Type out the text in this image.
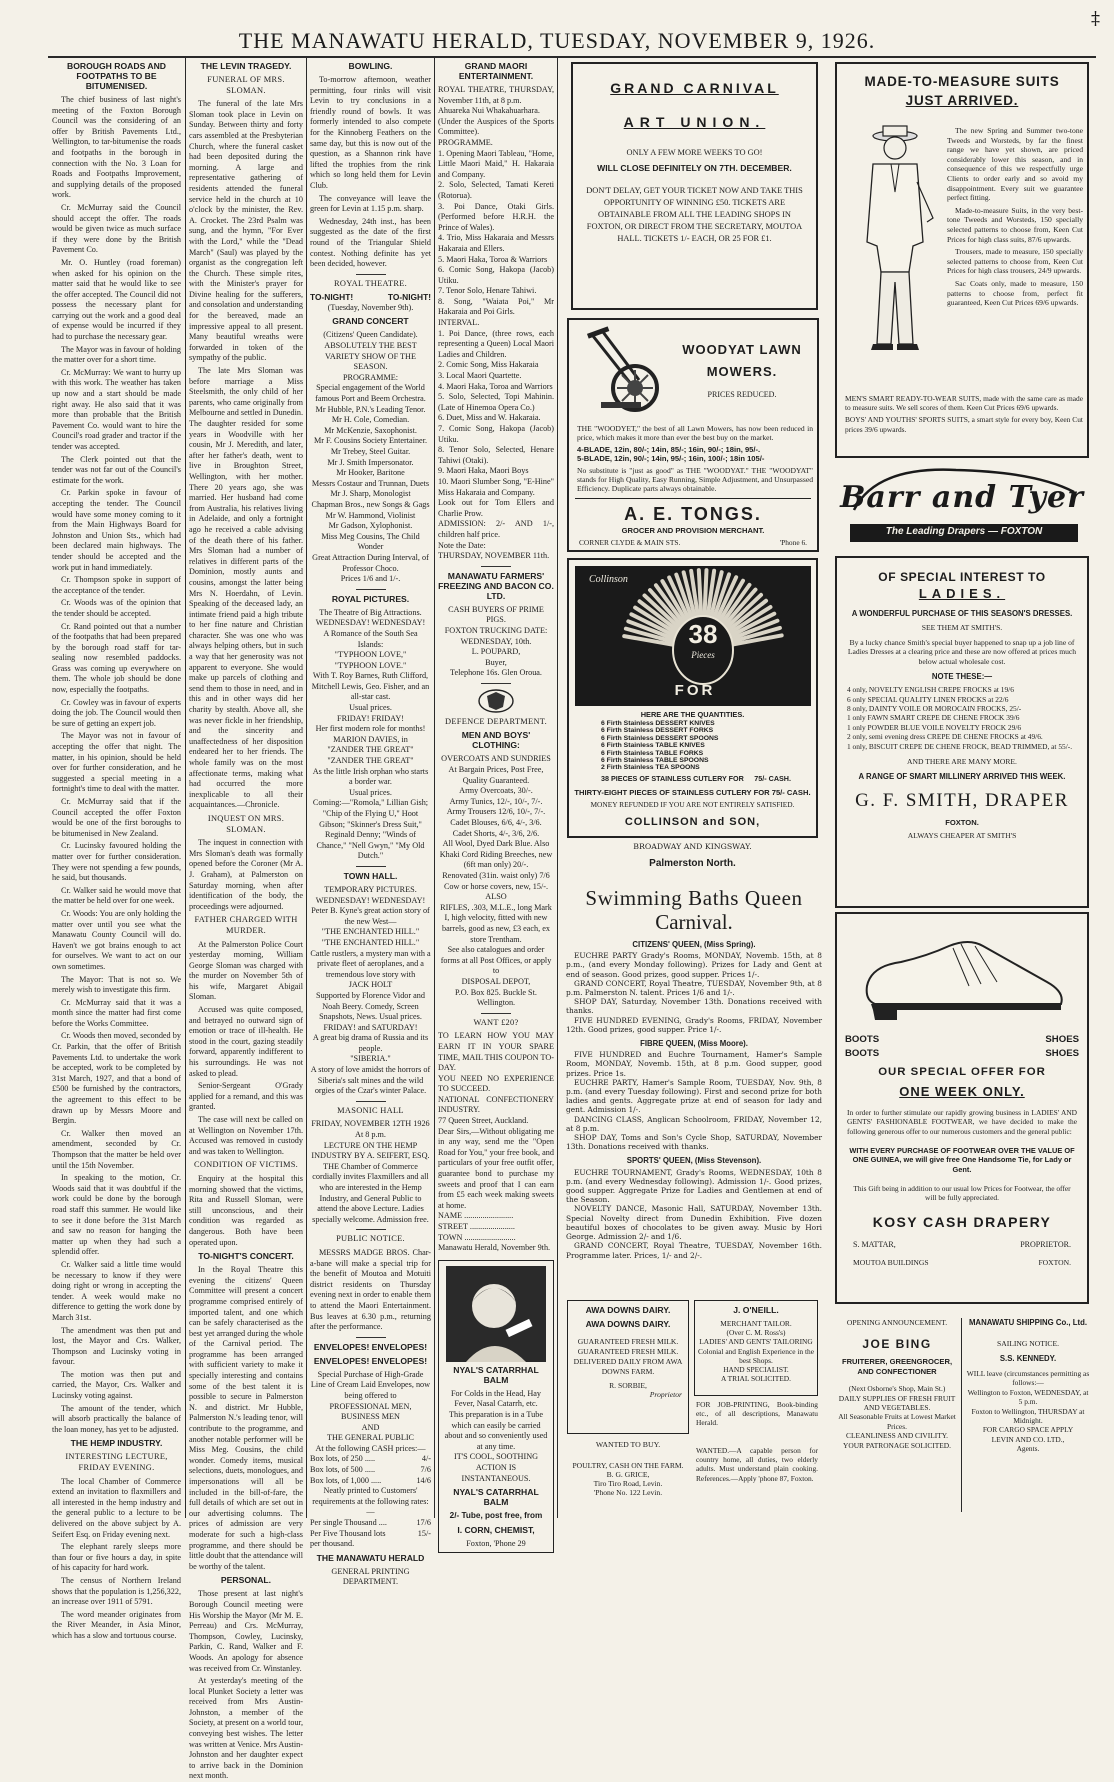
‡
THE MANAWATU HERALD, TUESDAY, NOVEMBER 9, 1926.
BOROUGH ROADS AND FOOTPATHS TO BE BITUMENISED.

The chief business of last night's meeting of the Foxton Borough Council was the considering of an offer by British Pavements Ltd., Wellington, to tar-bitumenise the roads and footpaths in the borough in connection with the No. 3 Loan for Roads and Footpaths Improvement, and supplying details of the proposed work.

Cr. McMurray said the Council should accept the offer. The roads would be given twice as much surface if they were done by the British Pavement Co.

Mr. O. Huntley (road foreman) when asked for his opinion on the matter said that he would like to see the offer accepted. The Council did not possess the necessary plant for carrying out the work and a good deal of expense would be incurred if they had to purchase the necessary gear.

The Mayor was in favour of holding the matter over for a short time.

Cr. McMurray: We want to hurry up with this work. The weather has taken up now and a start should be made right away. He also said that it was more than probable that the British Pavement Co. would want to hire the Council's road grader and tractor if the tender was accepted.

The Clerk pointed out that the tender was not far out of the Council's estimate for the work.

Cr. Parkin spoke in favour of accepting the tender. The Council would have some money coming to it from the Main Highways Board for Johnston and Union Sts., which had been declared main highways. The tender should be accepted and the work put in hand immediately.

Cr. Thompson spoke in support of the acceptance of the tender.

Cr. Woods was of the opinion that the tender should be accepted.

Cr. Rand pointed out that a number of the footpaths that had been prepared by the borough road staff for tar-sealing now resembled paddocks. Grass was coming up everywhere on them. The whole job should be done now, especially the footpaths.

Cr. Cowley was in favour of experts doing the job. The Council would then be sure of getting an expert job.

The Mayor was not in favour of accepting the offer that night. The matter, in his opinion, should be held over for further consideration, and he suggested a special meeting in a fortnight's time to deal with the matter.

Cr. McMurray said that if the Council accepted the offer Foxton would be one of the first boroughs to be bitumenised in New Zealand.

Cr. Lucinsky favoured holding the matter over for further consideration. They were not spending a few pounds, he said, but thousands.

Cr. Walker said he would move that the matter be held over for one week.

Cr. Woods: You are only holding the matter over until you see what the Manawatu County Council will do. Haven't we got brains enough to act for ourselves. We want to act on our own sometimes.

The Mayor: That is not so. We merely wish to investigate this firm.

Cr. McMurray said that it was a month since the matter had first come before the Works Committee.

Cr. Woods then moved, seconded by Cr. Parkin, that the offer of British Pavements Ltd. to undertake the work be accepted, work to be completed by 31st March, 1927, and that a bond of £500 be furnished by the contractors, the agreement to this effect to be drawn up by Messrs Moore and Bergin.

Cr. Walker then moved an amendment, seconded by Cr. Thompson that the matter be held over until the 15th November.

In speaking to the motion, Cr. Woods said that it was doubtful if the work could be done by the borough road staff this summer. He would like to see it done before the 31st March and saw no reason for hanging the matter up when they had such a splendid offer.

Cr. Walker said a little time would be necessary to know if they were doing right or wrong in accepting the tender. A week would make no difference to getting the work done by March 31st.

The amendment was then put and lost, the Mayor and Crs. Walker, Thompson and Lucinsky voting in favour.

The motion was then put and carried, the Mayor, Crs. Walker and Lucinsky voting against.

The amount of the tender, which will absorb practically the balance of the loan money, has yet to be adjusted.

THE HEMP INDUSTRY.
INTERESTING LECTURE, FRIDAY EVENING.

The local Chamber of Commerce extend an invitation to flaxmillers and all interested in the hemp industry and the general public to a lecture to be delivered on the above subject by A. Seifert Esq. on Friday evening next.

The elephant rarely sleeps more than four or five hours a day, in spite of his capacity for hard work.

The census of Northern Ireland shows that the population is 1,256,322, an increase over 1911 of 5791.

The word meander originates from the River Meander, in Asia Minor, which has a slow and tortuous course.

THE LEVIN TRAGEDY.
FUNERAL OF MRS. SLOMAN.

The funeral of the late Mrs Sloman took place in Levin on Sunday. Between thirty and forty cars assembled at the Presbyterian Church, where the funeral casket had been deposited during the morning. A large and representative gathering of residents attended the funeral service held in the church at 10 o'clock by the minister, the Rev. A. Crocket. The 23rd Psalm was sung, and the hymn, "For Ever with the Lord," while the "Dead March" (Saul) was played by the organist as the congregation left the Church. These simple rites, with the Minister's prayer for Divine healing for the sufferers, and consolation and understanding for the bereaved, made an impressive appeal to all present. Many beautiful wreaths were forwarded in token of the sympathy of the public.

The late Mrs Sloman was before marriage a Miss Steelsmith, the only child of her parents, who came originally from Melbourne and settled in Dunedin. The daughter resided for some years in Woodville with her cousin, Mr J. Meredith, and later, after her father's death, went to live in Broughton Street, Wellington, with her mother. There 20 years ago, she was married. Her husband had come from Australia, his relatives living in Adelaide, and only a fortnight ago he received a cable advising of the death there of his father. Mrs Sloman had a number of relatives in different parts of the Dominion, mostly aunts and cousins, amongst the latter being Mrs N. Hoerdahn, of Levin. Speaking of the deceased lady, an intimate friend paid a high tribute to her fine nature and Christian character. She was one who was always helping others, but in such a way that her generosity was not apparent to everyone. She would make up parcels of clothing and send them to those in need, and in this and in other ways did her charity by stealth. Above all, she was never fickle in her friendship, and the sincerity and unaffectedness of her disposition endeared her to her friends. The whole family was on the most affectionate terms, making what had occurred the more inexplicable to all their acquaintances.—Chronicle.

INQUEST ON MRS. SLOMAN.

The inquest in connection with Mrs Sloman's death was formally opened before the Coroner (Mr A. J. Graham), at Palmerston on Saturday morning, when after identification of the body, the proceedings were adjourned.

FATHER CHARGED WITH MURDER.

At the Palmerston Police Court yesterday morning, William George Sloman was charged with the murder on November 5th of his wife, Margaret Abigail Sloman.

Accused was quite composed, and betrayed no outward sign of emotion or trace of ill-health. He stood in the court, gazing steadily forward, apparently indifferent to his surroundings. He was not asked to plead.

Senior-Sergeant O'Grady applied for a remand, and this was granted.

The case will next be called on at Wellington on November 17th. Accused was removed in custody and was taken to Wellington.

CONDITION OF VICTIMS.

Enquiry at the hospital this morning showed that the victims, Rita and Russell Sloman, were still unconscious, and their condition was regarded as dangerous. Both have been operated upon.

TO-NIGHT'S CONCERT.

In the Royal Theatre this evening the citizens' Queen Committee will present a concert programme comprised entirely of imported talent, and one which can be safely characterised as the best yet arranged during the whole of the Carnival period. The programme has been arranged with sufficient variety to make it specially interesting and contains some of the best talent it is possible to secure in Palmerston N. and district. Mr Hubble, Palmerston N.'s leading tenor, will contribute to the programme, and another notable performer will be Miss Meg. Cousins, the child wonder. Comedy items, musical selections, duets, monologues, and impersonations will all be included in the bill-of-fare, the full details of which are set out in our advertising columns. The prices of admission are very moderate for such a high-class programme, and there should be little doubt that the attendance will be worthy of the talent.

PERSONAL.

Those present at last night's Borough Council meeting were His Worship the Mayor (Mr M. E. Perreau) and Crs. McMurray, Thompson, Cowley, Lucinsky, Parkin, C. Rand, Walker and F. Woods. An apology for absence was received from Cr. Winstanley.

At yesterday's meeting of the local Plunket Society a letter was received from Mrs Austin-Johnston, a member of the Society, at present on a world tour, conveying best wishes. The letter was written at Venice. Mrs Austin-Johnston and her daughter expect to arrive back in the Dominion next month.

BOWLING.

To-morrow afternoon, weather permitting, four rinks will visit Levin to try conclusions in a friendly round of bowls. It was formerly intended to also compete for the Kinnoberg Feathers on the same day, but this is now out of the question, as a Shannon rink have lifted the trophies from the rink which so long held them for Levin Club.

The conveyance will leave the green for Levin at 1.15 p.m. sharp.

Wednesday, 24th inst., has been suggested as the date of the first round of the Triangular Shield contest. Nothing definite has yet been decided, however.

ROYAL THEATRE.
TO-NIGHT!	TO-NIGHT!
(Tuesday, November 9th).
GRAND CONCERT
(Citizens' Queen Candidate).
ABSOLUTELY THE BEST VARIETY SHOW OF THE SEASON.
PROGRAMME:
Special engagement of the World famous Port and Beem Orchestra.
Mr Hubble, P.N.'s Leading Tenor.
Mr H. Cole, Comedian.
Mr McKenzie, Saxophonist.
Mr F. Cousins Society Entertainer.
Mr Trebey, Steel Guitar.
Mr J. Smith Impersonator.
Mr Hooker, Baritone
Messrs Costaur and Trunnan, Duets
Mr J. Sharp, Monologist
Chapman Bros., new Songs & Gags
Mr W. Hammond, Violinist
Mr Gadson, Xylophonist.
Miss Meg Cousins, The Child Wonder
Great Attraction During Interval, of Professor Choco.
Prices 1/6 and 1/-.
ROYAL PICTURES.
The Theatre of Big Attractions.
WEDNESDAY! WEDNESDAY!
A Romance of the South Sea Islands:
"TYPHOON LOVE,"
"TYPHOON LOVE."
With T. Roy Barnes, Ruth Clifford, Mitchell Lewis, Geo. Fisher, and an all-star cast.
Usual prices.
FRIDAY! FRIDAY!
Her first modern role for months! MARION DAVIES, in
"ZANDER THE GREAT"
"ZANDER THE GREAT"
As the little Irish orphan who starts a border war.
Usual prices.
Coming:—"Romola," Lillian Gish; "Chip of the Flying U," Hoot Gibson; "Skinner's Dress Suit," Reginald Denny; "Winds of Chance," "Nell Gwyn," "My Old Dutch."
TOWN HALL.
TEMPORARY PICTURES.
WEDNESDAY! WEDNESDAY!
Peter B. Kyne's great action story of the new West—
"THE ENCHANTED HILL."
"THE ENCHANTED HILL."
Cattle rustlers, a mystery man with a private fleet of aeroplanes, and a tremendous love story with
JACK HOLT
Supported by Florence Vidor and Noah Beery. Comedy, Screen Snapshots, News. Usual prices.
FRIDAY! and SATURDAY!
A great big drama of Russia and its people.
"SIBERIA."
A story of love amidst the horrors of Siberia's salt mines and the wild orgies of the Czar's winter Palace.
MASONIC HALL
FRIDAY, NOVEMBER 12TH 1926
At 8 p.m.
LECTURE ON THE HEMP INDUSTRY BY A. SEIFERT, ESQ.
THE Chamber of Commerce cordially invites Flaxmillers and all who are interested in the Hemp Industry, and General Public to attend the above Lecture. Ladies specially welcome. Admission free.
PUBLIC NOTICE.

MESSRS MADGE BROS. Char-a-bane will make a special trip for the benefit of Moutoa and Motuiti district residents on Thursday evening next in order to enable them to attend the Maori Entertainment. Bus leaves at 6.30 p.m., returning after the performance.

ENVELOPES! ENVELOPES!
ENVELOPES! ENVELOPES!
Special Purchase of High-Grade Line of Cream Laid Envelopes, now being offered to
PROFESSIONAL MEN,
BUSINESS MEN
AND
THE GENERAL PUBLIC
At the following CASH prices:—
Box lots, of 250 .....	4/-
Box lots, of 500 .....	7/6
Box lots, of 1,000 .....	14/6
Neatly printed to Customers' requirements at the following rates:—
Per single Thousand ....	17/6
Per Five Thousand lots	15/-
per thousand.
THE MANAWATU HERALD
GENERAL PRINTING DEPARTMENT.
GRAND MAORI ENTERTAINMENT.
ROYAL THEATRE, THURSDAY, November 11th, at 8 p.m.
Ahuareka Nui Whakahuarhara.
(Under the Auspices of the Sports Committee).
PROGRAMME.
1. Opening Maori Tableau, "Home, Little Maori Maid," H. Hakaraia and Company.
2. Solo, Selected, Tamati Kereti (Rotorua).
3. Poi Dance, Otaki Girls. (Performed before H.R.H. the Prince of Wales).
4. Trio, Miss Hakaraia and Messrs Hakaraia and Ellers.
5. Maori Haka, Toroa & Warriors
6. Comic Song, Hakopa (Jacob) Utiku.
7. Tenor Solo, Henare Tahiwi.
8. Song, "Waiata Poi," Mr Hakaraia and Poi Girls.
INTERVAL.
1. Poi Dance, (three rows, each representing a Queen) Local Maori Ladies and Children.
2. Comic Song, Miss Hakaraia
3. Local Maori Quartette.
4. Maori Haka, Toroa and Warriors
5. Solo, Selected, Topi Mahinin. (Late of Hinemoa Opera Co.)
6. Duet, Miss and W. Hakaraia.
7. Comic Song, Hakopa (Jacob) Utiku.
8. Tenor Solo, Selected, Henare Tahiwi (Otaki).
9. Maori Haka, Maori Boys
10. Maori Slumber Song, "E-Hine" Miss Hakaraia and Company.
Look out for Tom Ellers and Charlie Prow.
ADMISSION: 2/- AND 1/-, children half price.
Note the Date:
THURSDAY, NOVEMBER 11th.
MANAWATU FARMERS' FREEZING AND BACON CO. LTD.
CASH BUYERS OF PRIME PIGS.
FOXTON TRUCKING DATE:
WEDNESDAY, 10th.
L. POUPARD,
Buyer,
Telephone 16s. Glen Oroua.
DEFENCE DEPARTMENT.
MEN AND BOYS' CLOTHING:
OVERCOATS AND SUNDRIES
At Bargain Prices, Post Free, Quality Guaranteed.
Army Overcoats, 30/-.
Army Tunics, 12/-, 10/-, 7/-.
Army Trousers 12/6, 10/-, 7/-.
Cadet Blouses, 6/6, 4/-, 3/6.
Cadet Shorts, 4/-, 3/6, 2/6.
All Wool, Dyed Dark Blue. Also Khaki Cord Riding Breeches, new (6ft man only) 20/-.
Renovated (31in. waist only) 7/6
Cow or horse covers, new, 15/-.
ALSO
RIFLES, .303, M.L.E., long Mark I, high velocity, fitted with new barrels, good as new, £3 each, ex store Trentham.
See also catalogues and order forms at all Post Offices, or apply to
DISPOSAL DEPOT,
P.O. Box 825. Buckle St. Wellington.
WANT £20?
TO LEARN HOW YOU MAY EARN IT IN YOUR SPARE TIME, MAIL THIS COUPON TO-DAY.
YOU NEED NO EXPERIENCE TO SUCCEED.
NATIONAL CONFECTIONERY INDUSTRY.
77 Queen Street, Auckland.
Dear Sirs,—Without obligating me in any way, send me the "Open Road for You," your free book, and particulars of your free outfit offer, guarantee bond to purchase my sweets and proof that I can earn from £5 each week making sweets at home.
NAME ........................
STREET ......................
TOWN .........................
Manawatu Herald, November 9th.
NYAL'S CATARRHAL BALM
For Colds in the Head, Hay Fever, Nasal Catarrh, etc.
This preparation is in a Tube which can easily be carried about and so conveniently used at any time.
IT'S COOL, SOOTHING ACTION IS INSTANTANEOUS.
NYAL'S CATARRHAL BALM
2/- Tube, post free, from
I. CORN, CHEMIST,
Foxton, 'Phone 29
GRAND CARNIVAL
ART UNION.
ONLY A FEW MORE WEEKS TO GO!
WILL CLOSE DEFINITELY ON 7TH. DECEMBER.
DON'T DELAY, GET YOUR TICKET NOW AND TAKE THIS OPPORTUNITY OF WINNING £50. TICKETS ARE OBTAINABLE FROM ALL THE LEADING SHOPS IN FOXTON, OR DIRECT FROM THE SECRETARY, MOUTOA HALL. TICKETS 1/- EACH, OR 25 FOR £1.
WOODYAT LAWN
MOWERS.
PRICES REDUCED.
THE "WOODYET," the best of all Lawn Mowers, has now been reduced in price, which makes it more than ever the best buy on the market.
4-BLADE, 12in, 80/-; 14in, 85/-; 16in, 90/-; 18in, 95/-.
5-BLADE, 12in, 90/-; 14in, 95/-; 16in, 100/-; 18in 105/-
No substitute is "just as good" as THE "WOODYAT." THE "WOODYAT" stands for High Quality, Easy Running, Simple Adjustment, and Unsurpassed Efficiency. Duplicate parts always obtainable.
A. E. TONGS.
GROCER AND PROVISION MERCHANT.
CORNER CLYDE & MAIN STS.	'Phone 6.
38
Pieces
FOR
Collinson
HERE ARE THE QUANTITIES.
6 Firth Stainless DESSERT KNIVES
6 Firth Stainless DESSERT FORKS
6 Firth Stainless DESSERT SPOONS
6 Firth Stainless TABLE KNIVES
6 Firth Stainless TABLE FORKS
6 Firth Stainless TABLE SPOONS
2 Firth Stainless TEA SPOONS
38 PIECES OF STAINLESS CUTLERY FOR 75/- CASH.
THIRTY-EIGHT PIECES OF STAINLESS CUTLERY FOR 75/- CASH.
MONEY REFUNDED IF YOU ARE NOT ENTIRELY SATISFIED.
COLLINSON and SON,
BROADWAY AND KINGSWAY.
Palmerston North.
Swimming Baths Queen
Carnival.
CITIZENS' QUEEN, (Miss Spring).

EUCHRE PARTY Grady's Rooms, MONDAY, Novemb. 15th, at 8 p.m., (and every Monday following). Prizes for Lady and Gent at end of season. Good prizes, good supper. Prices 1/-.

GRAND CONCERT, Royal Theatre, TUESDAY, November 9th, at 8 p.m. Palmerston N. talent. Prices 1/6 and 1/-.

SHOP DAY, Saturday, November 13th. Donations received with thanks.

FIVE HUNDRED EVENING, Grady's Rooms, FRIDAY, November 12th. Good prizes, good supper. Price 1/-.

FIBRE QUEEN, (Miss Moore).

FIVE HUNDRED and Euchre Tournament, Hamer's Sample Room, MONDAY, Novemb. 15th, at 8 p.m. Good supper, good prizes. Price 1s.

EUCHRE PARTY, Hamer's Sample Room, TUESDAY, Nov. 9th, 8 p.m. (and every Tuesday following). First and second prize for both ladies and gents. Aggregate prize at end of season for lady and gent. Admission 1/-.

DANCING CLASS, Anglican Schoolroom, FRIDAY, November 12, at 8 p.m.

SHOP DAY, Toms and Son's Cycle Shop, SATURDAY, November 13th. Donations received with thanks.

SPORTS' QUEEN, (Miss Stevenson).

EUCHRE TOURNAMENT, Grady's Rooms, WEDNESDAY, 10th 8 p.m. (and every Wednesday following). Admission 1/-. Good prizes, good supper. Aggregate Prize for Ladies and Gentlemen at end of the Season.

NOVELTY DANCE, Masonic Hall, SATURDAY, November 13th. Special Novelty direct from Dunedin Exhibition. Five dozen beautiful boxes of chocolates to be given away. Music by Hori George. Admission 2/- and 1/6.

GRAND CONCERT, Royal Theatre, TUESDAY, November 16th. Programme later. Prices, 1/- and 2/-.

AWA DOWNS DAIRY.
AWA DOWNS DAIRY.
GUARANTEED FRESH MILK.
GUARANTEED FRESH MILK.
DELIVERED DAILY FROM AWA DOWNS FARM.
R. SORBIE,
Proprietor
WANTED TO BUY.
POULTRY, CASH ON THE FARM.
B. G. GRICE,
Tiro Tiro Road, Levin.
'Phone No. 122 Levin.
J. O'NEILL.
MERCHANT TAILOR.
(Over C. M. Ross's)
LADIES' AND GENTS' TAILORING
Colonial and English Experience in the best Shops.
HAND SPECIALIST.
A TRIAL SOLICITED.
FOR JOB-PRINTING, Book-binding etc., of all descriptions, Manawatu Herald.
WANTED.—A capable person for country home, all duties, two elderly adults. Must understand plain cooking. References.—Apply 'phone 87, Foxton.
MADE-TO-MEASURE SUITS
JUST ARRIVED.

The new Spring and Summer two-tone Tweeds and Worsteds, by far the finest range we have yet shown, are priced considerably lower this season, and in consequence of this we respectfully urge Clients to order early and so avoid my disappointment. Every suit we guarantee perfect fitting.

Made-to-measure Suits, in the very best-tone Tweeds and Worsteds, 150 specially selected patterns to choose from, Keen Cut Prices for high class suits, 87/6 upwards.

Trousers, made to measure, 150 specially selected patterns to choose from, Keen Cut Prices for high class trousers, 24/9 upwards.

Sac Coats only, made to measure, 150 patterns to choose from, perfect fit guaranteed, Keen Cut Prices 69/6 upwards.

MEN'S SMART READY-TO-WEAR SUITS, made with the same care as made to measure suits. We sell scores of them. Keen Cut Prices 69/6 upwards.

BOYS' AND YOUTHS' SPORTS SUITS, a smart style for every boy, Keen Cut prices 39/6 upwards.

Barr and Tyer
The Leading Drapers — FOXTON
OF SPECIAL INTEREST TO
LADIES.
A WONDERFUL PURCHASE OF THIS SEASON'S DRESSES.
SEE THEM AT SMITH'S.
By a lucky chance Smith's special buyer happened to snap up a job line of Ladies Dresses at a clearing price and these are now offered at prices much below actual wholesale cost.
NOTE THESE:—
4 only, NOVELTY ENGLISH CREPE FROCKS at 19/6
6 only SPECIAL QUALITY LINEN FROCKS at 22/6
8 only, DAINTY VOILE OR MOROCAIN FROCKS, 25/-
1 only FAWN SMART CREPE DE CHENE FROCK 39/6
1 only POWDER BLUE VOILE NOVELTY FROCK 29/6
2 only, semi evening dress CREPE DE CHENE FROCKS at 49/6.
1 only, BISCUIT CREPE DE CHENE FROCK, BEAD TRIMMED, at 55/-.
AND THERE ARE MANY MORE.
A RANGE OF SMART MILLINERY ARRIVED THIS WEEK.
G. F. SMITH, DRAPER
FOXTON.
ALWAYS CHEAPER AT SMITH'S
BOOTS
BOOTS
SHOES
SHOES
OUR SPECIAL OFFER FOR
ONE WEEK ONLY.
In order to further stimulate our rapidly growing business in LADIES' AND GENTS' FASHIONABLE FOOTWEAR, we have decided to make the following generous offer to our numerous customers and the general public:
WITH EVERY PURCHASE OF FOOTWEAR OVER THE VALUE OF ONE GUINEA, we will give free One Handsome Tie, for Lady or Gent.
This Gift being in addition to our usual low Prices for Footwear, the offer will be fully appreciated.
KOSY CASH DRAPERY
S. MATTAR,	PROPRIETOR.
MOUTOA BUILDINGS	FOXTON.
OPENING ANNOUNCEMENT.
JOE BING
FRUITERER, GREENGROCER, AND CONFECTIONER
(Next Osborne's Shop, Main St.)
DAILY SUPPLIES OF FRESH FRUIT AND VEGETABLES.
All Seasonable Fruits at Lowest Market Prices.
CLEANLINESS AND CIVILITY.
YOUR PATRONAGE SOLICITED.
MANAWATU SHIPPING Co., Ltd.
SAILING NOTICE.
S.S. KENNEDY.
WILL leave (circumstances permitting as follows:—
Wellington to Foxton, WEDNESDAY, at 5 p.m.
Foxton to Wellington, THURSDAY at Midnight.
FOR CARGO SPACE APPLY
LEVIN AND CO. LTD.,
Agents.
